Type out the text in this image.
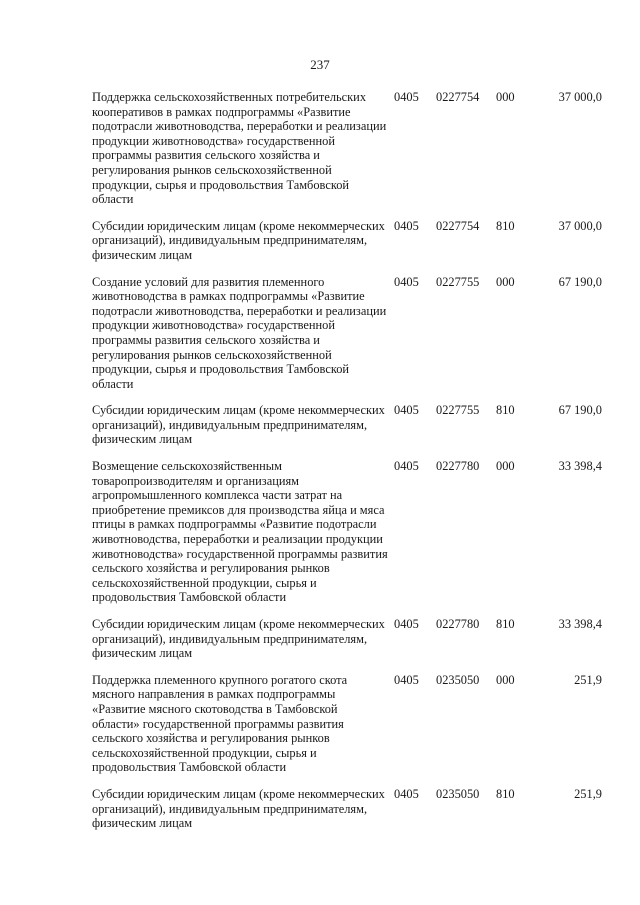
237
Поддержка сельскохозяйственных потребительских кооперативов в рамках подпрограммы «Развитие подотрасли животноводства, переработки и реализации продукции животноводства» государственной программы развития сельского хозяйства и регулирования рынков сельскохозяйственной продукции, сырья и продовольствия Тамбовской области	0405	0227754	000	37 000,0

Субсидии юридическим лицам (кроме некоммерческих организаций), индивидуальным предпринимателям, физическим лицам	0405	0227754	810	37 000,0

Создание условий для развития племенного животноводства в рамках подпрограммы «Развитие подотрасли животноводства, переработки и реализации продукции животноводства» государственной программы развития сельского хозяйства и регулирования рынков сельскохозяйственной продукции, сырья и продовольствия Тамбовской области	0405	0227755	000	67 190,0

Субсидии юридическим лицам (кроме некоммерческих организаций), индивидуальным предпринимателям, физическим лицам	0405	0227755	810	67 190,0

Возмещение сельскохозяйственным товаропроизводителям и организациям агропромышленного комплекса части затрат на приобретение премиксов для производства яйца и мяса птицы в рамках подпрограммы «Развитие подотрасли животноводства, переработки и реализации продукции животноводства» государственной программы развития сельского хозяйства и регулирования рынков сельскохозяйственной продукции, сырья и продовольствия Тамбовской области	0405	0227780	000	33 398,4

Субсидии юридическим лицам (кроме некоммерческих организаций), индивидуальным предпринимателям, физическим лицам	0405	0227780	810	33 398,4

Поддержка племенного крупного рогатого скота мясного направления в рамках подпрограммы «Развитие мясного скотоводства в Тамбовской области» государственной программы развития сельского хозяйства и регулирования рынков сельскохозяйственной продукции, сырья и продовольствия Тамбовской области	0405	0235050	000	251,9

Субсидии юридическим лицам (кроме некоммерческих организаций), индивидуальным предпринимателям, физическим лицам	0405	0235050	810	251,9
